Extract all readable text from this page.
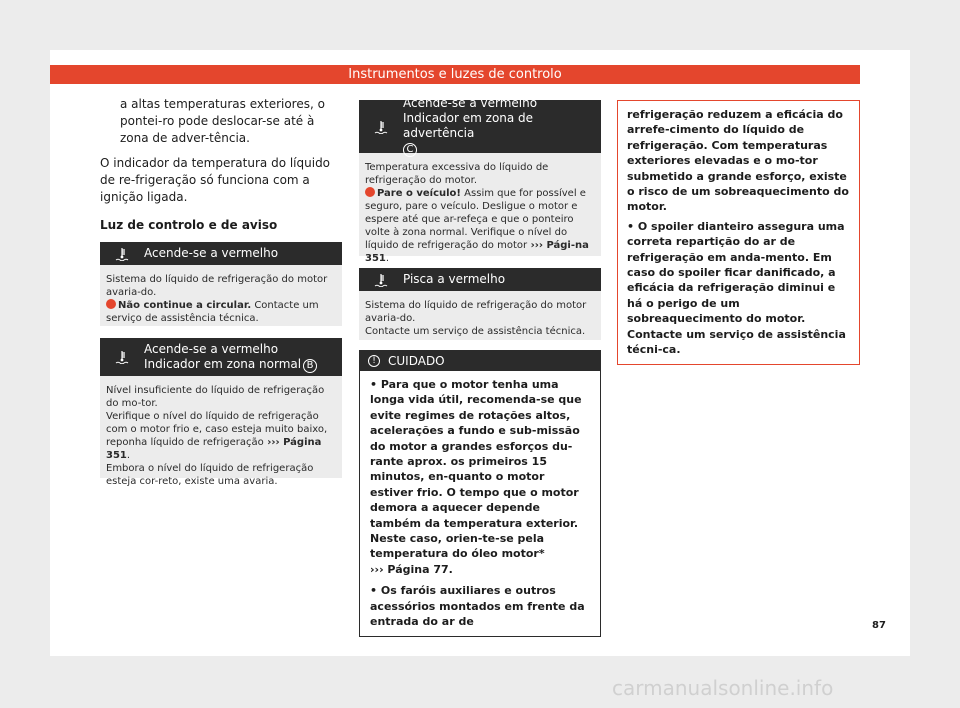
Instrumentos e luzes de controlo

a altas temperaturas exteriores, o pontei-ro pode deslocar-se até à zona de adver-tência.

O indicador da temperatura do líquido de re-frigeração só funciona com a ignição ligada.

Luz de controlo e de aviso
Acende-se a vermelho
Sistema do líquido de refrigeração do motor avaria-do.
Não continue a circular. Contacte um serviço de assistência técnica.
Acende-se a vermelho
Indicador em zona normal B
Nível insuficiente do líquido de refrigeração do mo-tor.
Verifique o nível do líquido de refrigeração com o motor frio e, caso esteja muito baixo, reponha líquido de refrigeração ››› Página 351.
Embora o nível do líquido de refrigeração esteja cor-reto, existe uma avaria.
Acende-se a vermelho
Indicador em zona de advertência
C
Temperatura excessiva do líquido de refrigeração do motor.
Pare o veículo! Assim que for possível e seguro, pare o veículo. Desligue o motor e espere até que ar-refeça e que o ponteiro volte à zona normal. Verifique o nível do líquido de refrigeração do motor ››› Pági-na 351.
Pisca a vermelho
Sistema do líquido de refrigeração do motor avaria-do.
Contacte um serviço de assistência técnica.
!	CUIDADO
• Para que o motor tenha uma longa vida útil, recomenda-se que evite regimes de rotações altos, acelerações a fundo e sub-missão do motor a grandes esforços du-rante aprox. os primeiros 15 minutos, en-quanto o motor estiver frio. O tempo que o motor demora a aquecer depende também da temperatura exterior. Neste caso, orien-te-se pela temperatura do óleo motor*
››› Página 77.
• Os faróis auxiliares e outros acessórios montados em frente da entrada do ar de
refrigeração reduzem a eficácia do arrefe-cimento do líquido de refrigeração. Com temperaturas exteriores elevadas e o mo-tor submetido a grande esforço, existe o risco de um sobreaquecimento do motor.
• O spoiler dianteiro assegura uma correta repartição do ar de refrigeração em anda-mento. Em caso do spoiler ficar danificado, a eficácia da refrigeração diminui e há o perigo de um sobreaquecimento do motor. Contacte um serviço de assistência técni-ca.
87
carmanualsonline.info
